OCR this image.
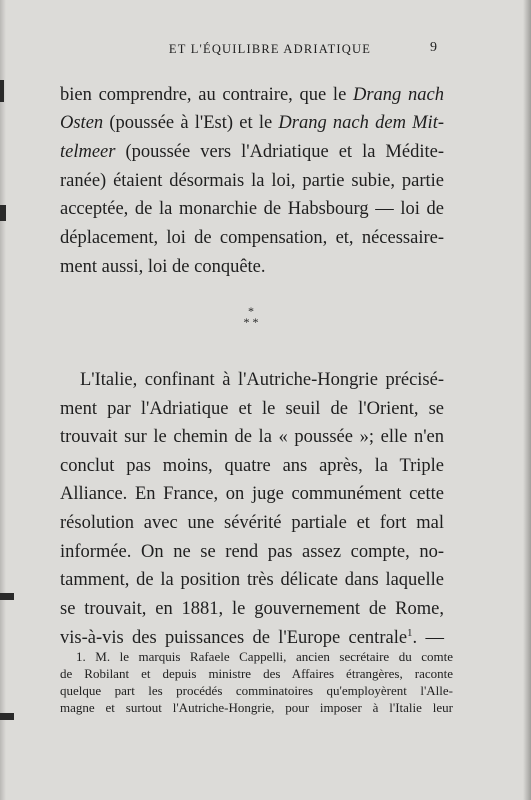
ET L'ÉQUILIBRE ADRIATIQUE	9
bien comprendre, au contraire, que le Drang nach
Osten (poussée à l'Est) et le Drang nach dem Mit-
telmeer (poussée vers l'Adriatique et la Médite-
ranée) étaient désormais la loi, partie subie, partie
acceptée, de la monarchie de Habsbourg — loi de
déplacement, loi de compensation, et, nécessaire-
ment aussi, loi de conquête.
*
* *
L'Italie, confinant à l'Autriche-Hongrie précisé-
ment par l'Adriatique et le seuil de l'Orient, se
trouvait sur le chemin de la « poussée »; elle n'en
conclut pas moins, quatre ans après, la Triple
Alliance. En France, on juge communément cette
résolution avec une sévérité partiale et fort mal
informée. On ne se rend pas assez compte, no-
tamment, de la position très délicate dans laquelle
se trouvait, en 1881, le gouvernement de Rome,
vis-à-vis des puissances de l'Europe centrale$^1$. —
1. M. le marquis Rafaele Cappelli, ancien secrétaire du comte
de Robilant et depuis ministre des Affaires étrangères, raconte
quelque part les procédés comminatoires qu'employèrent l'Alle-
magne et surtout l'Autriche-Hongrie, pour imposer à l'Italie leur
